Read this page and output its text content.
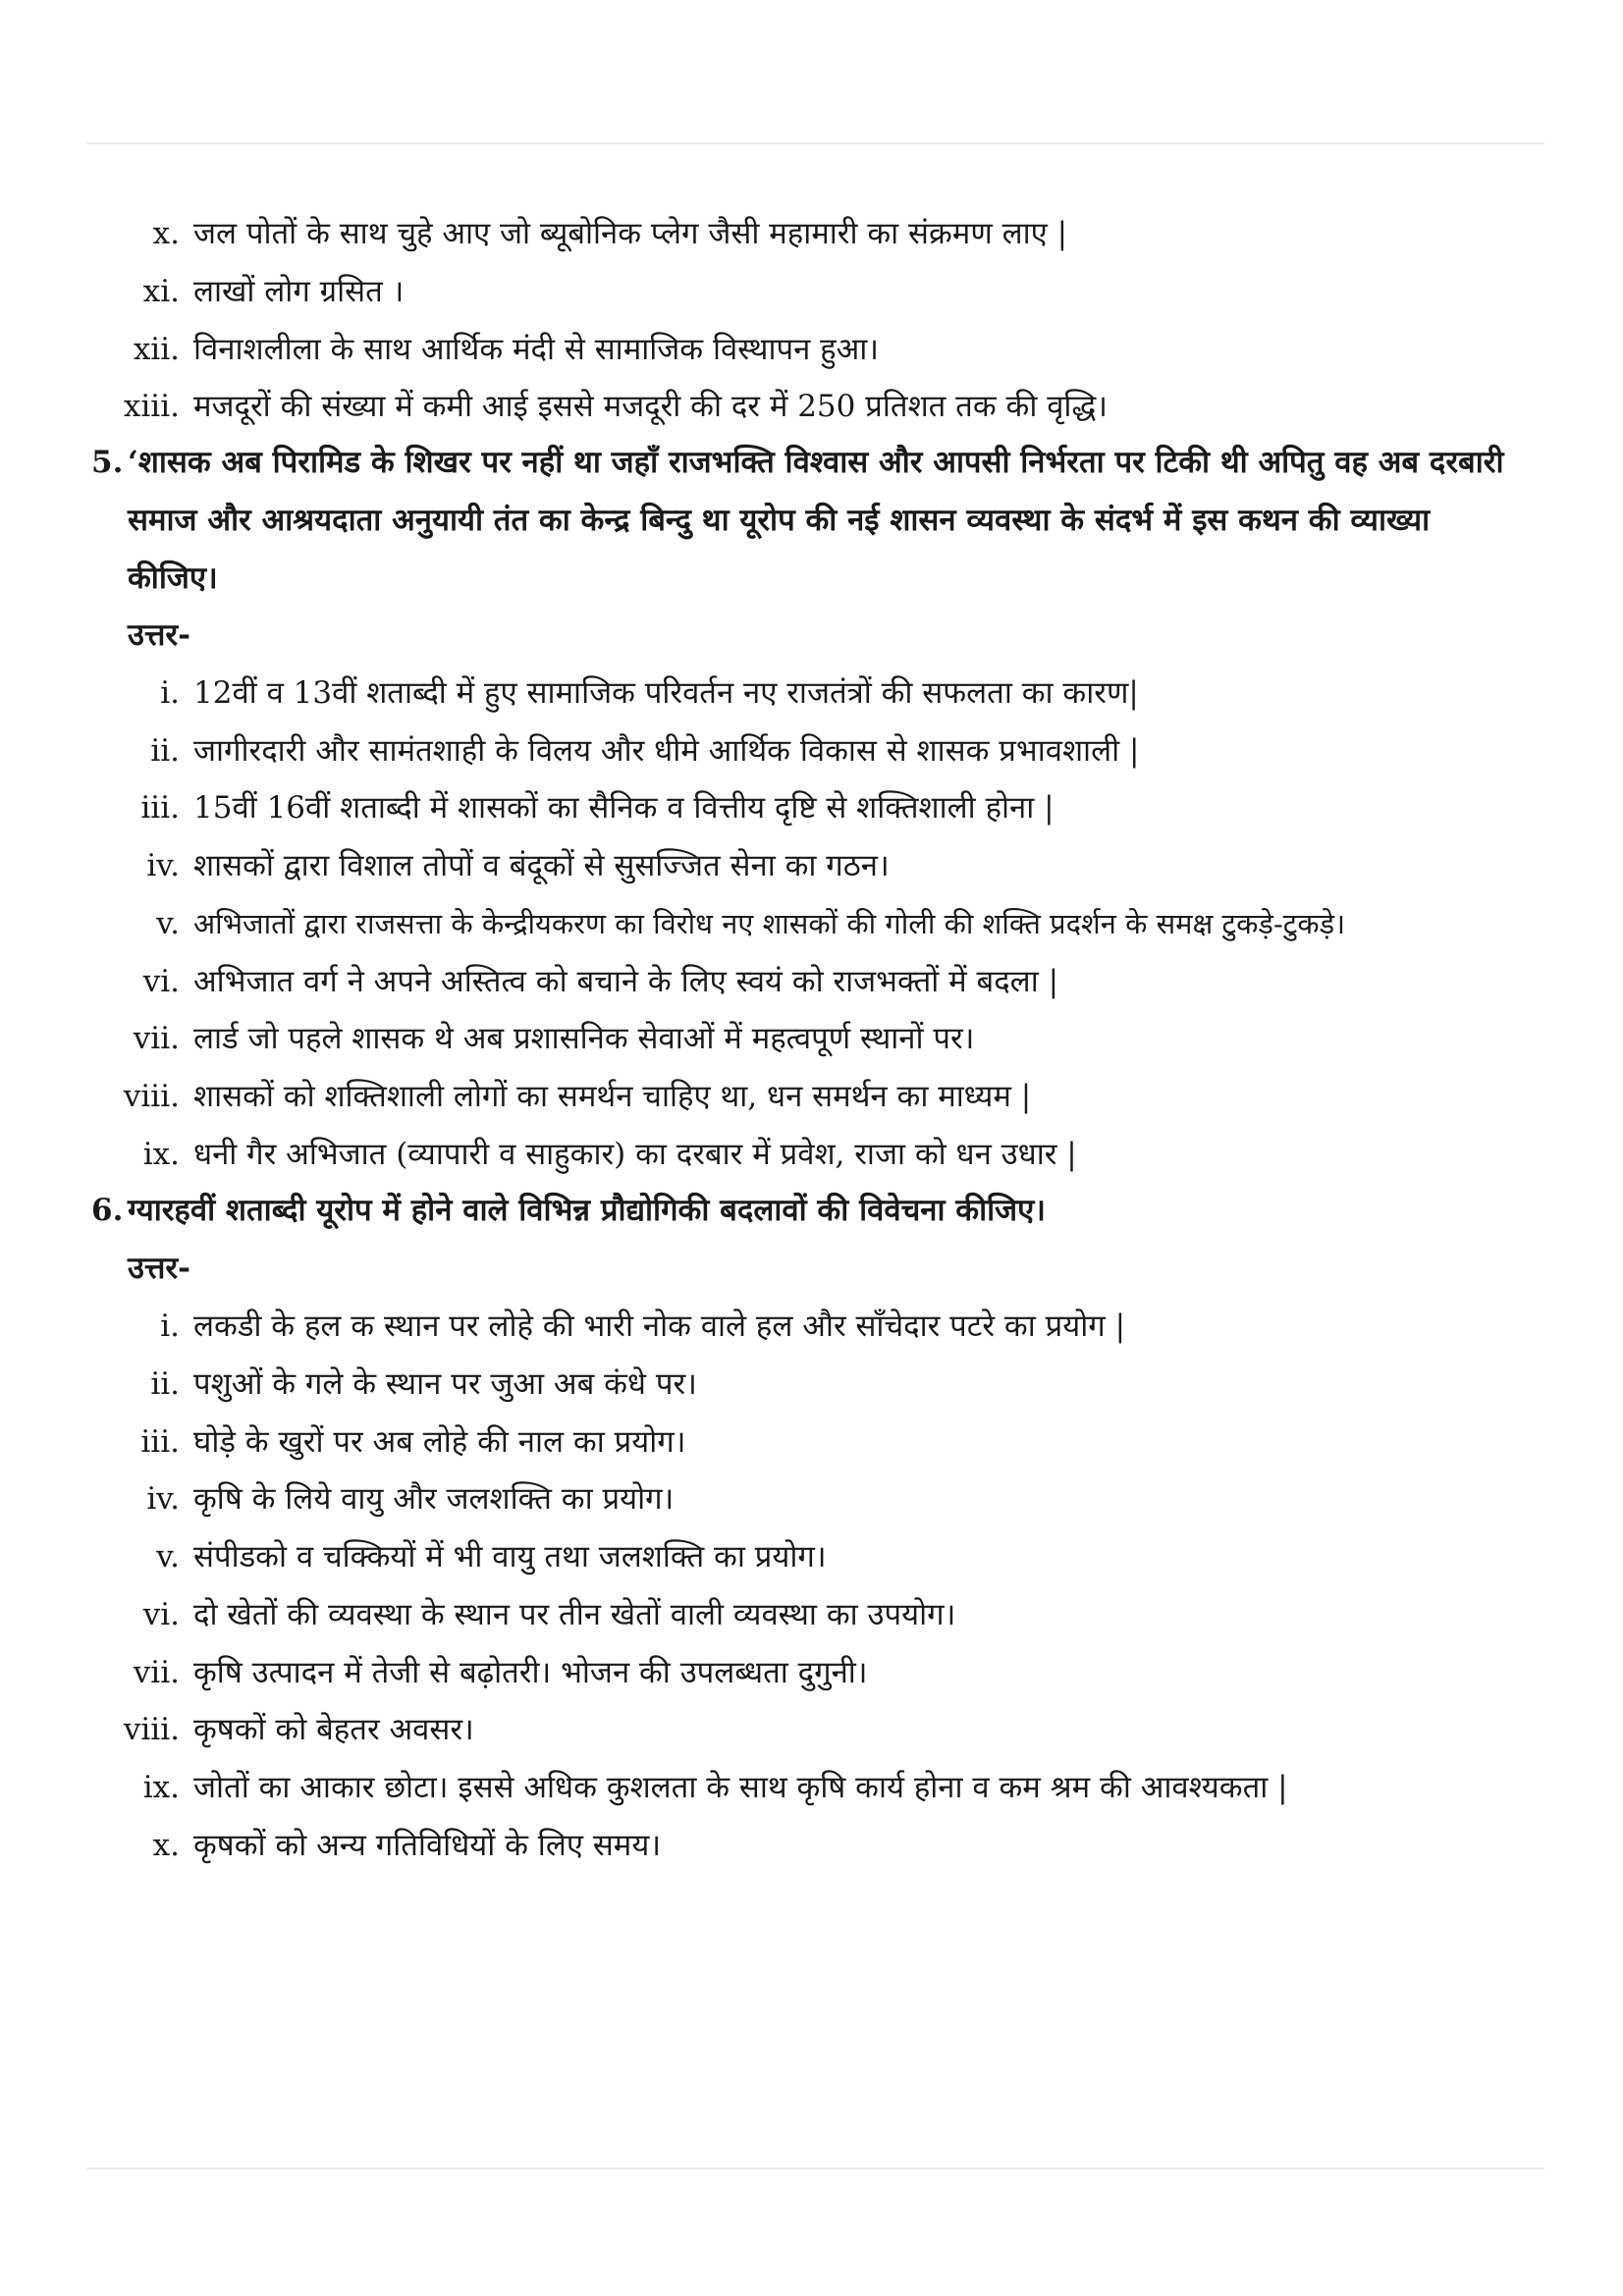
x. जल पोतों के साथ चुहे आए जो ब्यूबोनिक प्लेग जैसी महामारी का संक्रमण लाए |
xi. लाखों लोग ग्रसित ।
xii. विनाशलीला के साथ आर्थिक मंदी से सामाजिक विस्थापन हुआ।
xiii. मजदूरों की संख्या में कमी आई इससे मजदूरी की दर में 250 प्रतिशत तक की वृद्धि।
5. ‘शासक अब पिरामिड के शिखर पर नहीं था जहाँ राजभक्ति विश्वास और आपसी निर्भरता पर टिकी थी अपितु वह अब दरबारी
समाज और आश्रयदाता अनुयायी तंत का केन्द्र बिन्दु था यूरोप की नई शासन व्यवस्था के संदर्भ में इस कथन की व्याख्या
कीजिए।
उत्तर-
i. 12वीं व 13वीं शताब्दी में हुए सामाजिक परिवर्तन नए राजतंत्रों की सफलता का कारण|
ii. जागीरदारी और सामंतशाही के विलय और धीमे आर्थिक विकास से शासक प्रभावशाली |
iii. 15वीं 16वीं शताब्दी में शासकों का सैनिक व वित्तीय दृष्टि से शक्तिशाली होना |
iv. शासकों द्वारा विशाल तोपों व बंदूकों से सुसज्जित सेना का गठन।
v. अभिजातों द्वारा राजसत्ता के केन्द्रीयकरण का विरोध नए शासकों की गोली की शक्ति प्रदर्शन के समक्ष टुकड़े-टुकड़े।
vi. अभिजात वर्ग ने अपने अस्तित्व को बचाने के लिए स्वयं को राजभक्तों में बदला |
vii. लार्ड जो पहले शासक थे अब प्रशासनिक सेवाओं में महत्वपूर्ण स्थानों पर।
viii. शासकों को शक्तिशाली लोगों का समर्थन चाहिए था, धन समर्थन का माध्यम |
ix. धनी गैर अभिजात (व्यापारी व साहुकार) का दरबार में प्रवेश, राजा को धन उधार |
6. ग्यारहवीं शताब्दी यूरोप में होने वाले विभिन्न प्रौद्योगिकी बदलावों की विवेचना कीजिए।
उत्तर-
i. लकडी के हल क स्थान पर लोहे की भारी नोक वाले हल और साँचेदार पटरे का प्रयोग |
ii. पशुओं के गले के स्थान पर जुआ अब कंधे पर।
iii. घोड़े के खुरों पर अब लोहे की नाल का प्रयोग।
iv. कृषि के लिये वायु और जलशक्ति का प्रयोग।
v. संपीडको व चक्कियों में भी वायु तथा जलशक्ति का प्रयोग।
vi. दो खेतों की व्यवस्था के स्थान पर तीन खेतों वाली व्यवस्था का उपयोग।
vii. कृषि उत्पादन में तेजी से बढ़ोतरी। भोजन की उपलब्धता दुगुनी।
viii. कृषकों को बेहतर अवसर।
ix. जोतों का आकार छोटा। इससे अधिक कुशलता के साथ कृषि कार्य होना व कम श्रम की आवश्यकता |
x. कृषकों को अन्य गतिविधियों के लिए समय।
